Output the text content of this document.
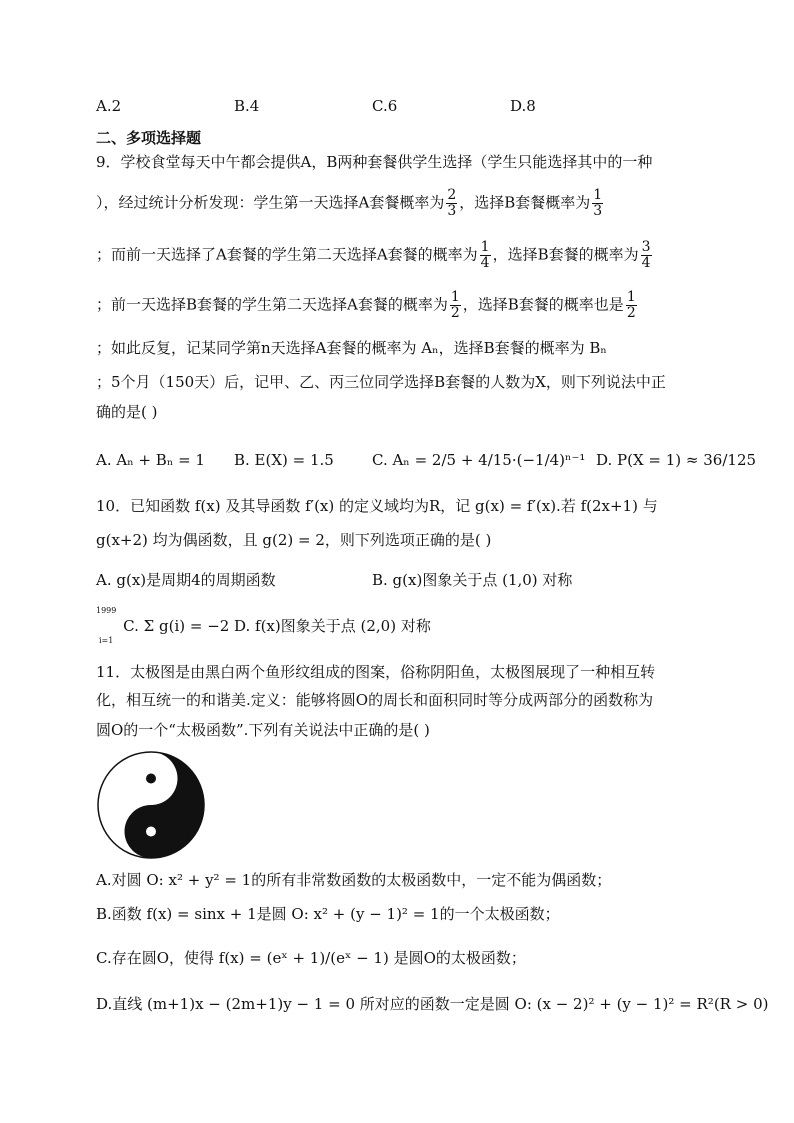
A.2	B.4	C.6	D.8
二、多项选择题
9．学校食堂每天中午都会提供A，B两种套餐供学生选择（学生只能选择其中的一种
），经过统计分析发现：学生第一天选择A套餐概率为 $\frac{2}{3}$ ，选择B套餐概率为 $\frac{1}{3}$
；而前一天选择了A套餐的学生第二天选择A套餐的概率为 $\frac{1}{4}$ ，选择B套餐的概率为 $\frac{3}{4}$
；前一天选择B套餐的学生第二天选择A套餐的概率为 $\frac{1}{2}$ ，选择B套餐的概率也是 $\frac{1}{2}$
；如此反复，记某同学第n天选择A套餐的概率为 Aₙ，选择B套餐的概率为 Bₙ
；5个月（150天）后，记甲、乙、丙三位同学选择B套餐的人数为X，则下列说法中正
确的是( )
A. Aₙ + Bₙ = 1 B. E(X) = 1.5	C. Aₙ = 2/5 + 4/15·(−1/4)ⁿ⁻¹ D. P(X = 1) ≈ 36/125
10．已知函数 f(x) 及其导函数 f′(x) 的定义域均为R，记 g(x) = f′(x).若 f(2x+1) 与
g(x+2) 均为偶函数，且 g(2) = 2，则下列选项正确的是( )
A. g(x)是周期4的周期函数	B. g(x)图象关于点 (1,0) 对称
1999
i=1
C. Σ g(i) = −2 D. f(x)图象关于点 (2,0) 对称
11．太极图是由黑白两个鱼形纹组成的图案，俗称阴阳鱼，太极图展现了一种相互转
化，相互统一的和谐美.定义：能够将圆O的周长和面积同时等分成两部分的函数称为
圆O的一个“太极函数”.下列有关说法中正确的是( )
A.对圆 O: x² + y² = 1的所有非常数函数的太极函数中，一定不能为偶函数；
B.函数 f(x) = sinx + 1是圆 O: x² + (y − 1)² = 1的一个太极函数；
C.存在圆O，使得 f(x) = (eˣ + 1)/(eˣ − 1) 是圆O的太极函数；
D.直线 (m+1)x − (2m+1)y − 1 = 0 所对应的函数一定是圆 O: (x − 2)² + (y − 1)² = R²(R > 0)
